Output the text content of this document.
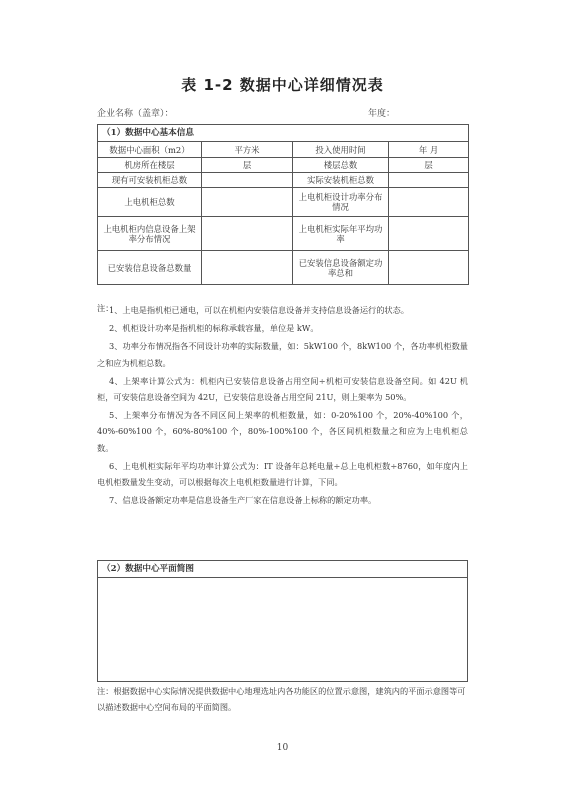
表 1-2 数据中心详细情况表
企业名称（盖章）：	年度：
（1）数据中心基本信息			
数据中心面积（m2）	平方米	投入使用时间	年 月
机房所在楼层	层	楼层总数	层
现有可安装机柜总数		实际安装机柜总数	
上电机柜总数		上电机柜设计功率分布情况	
上电机柜内信息设备上架率分布情况		上电机柜实际年平均功率	
已安装信息设备总数量		已安装信息设备额定功率总和	
注：

1、上电是指机柜已通电，可以在机柜内安装信息设备并支持信息设备运行的状态。

2、机柜设计功率是指机柜的标称承载容量，单位是 kW。

3、功率分布情况指各不同设计功率的实际数量，如：5kW100 个，8kW100 个，各功率机柜数量之和应为机柜总数。

4、上架率计算公式为：机柜内已安装信息设备占用空间÷机柜可安装信息设备空间。如 42U 机柜，可安装信息设备空间为 42U，已安装信息设备占用空间 21U，则上架率为 50%。

5、上架率分布情况为各不同区间上架率的机柜数量，如：0-20%100 个，20%-40%100 个，40%-60%100 个，60%-80%100 个，80%-100%100 个，各区间机柜数量之和应为上电机柜总数。

6、上电机柜实际年平均功率计算公式为：IT 设备年总耗电量÷总上电机柜数÷8760，如年度内上电机柜数量发生变动，可以根据每次上电机柜数量进行计算，下同。

7、信息设备额定功率是信息设备生产厂家在信息设备上标称的额定功率。

（2）数据中心平面简图

注：根据数据中心实际情况提供数据中心地理选址内各功能区的位置示意图，建筑内的平面示意图等可以描述数据中心空间布局的平面简图。
10
